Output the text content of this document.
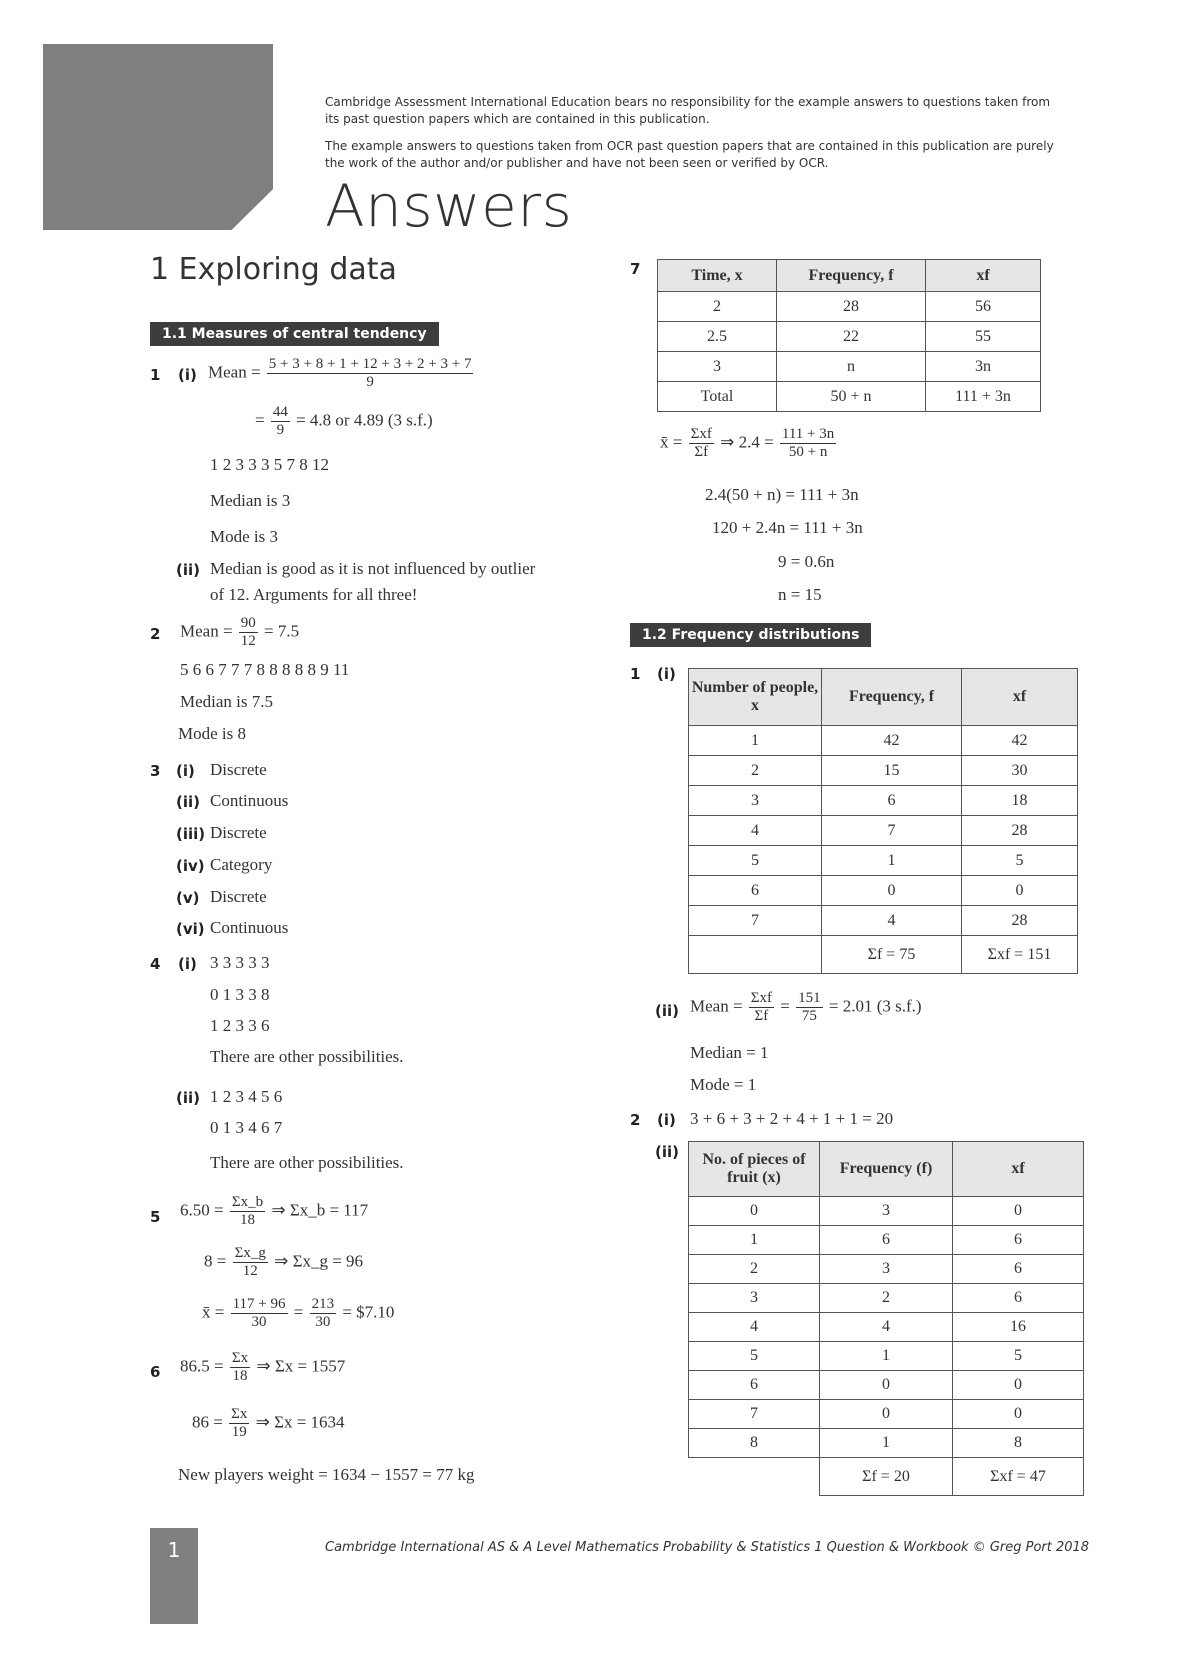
Cambridge Assessment International Education bears no responsibility for the example answers to questions taken from its past question papers which are contained in this publication.

The example answers to questions taken from OCR past question papers that are contained in this publication are purely the work of the author and/or publisher and have not been seen or verified by OCR.

Answers
1 Exploring data
1.1 Measures of central tendency
1 (i) Mean = $\frac{5 + 3 + 8 + 1 + 12 + 3 + 2 + 3 + 7}{9}$
= $\frac{44}{9} = 4.8$ or 4.89 (3 s.f.)
1 2 3 3 3 5 7 8 12
Median is 3
Mode is 3
(ii) Median is good as it is not influenced by outlier
of 12. Arguments for all three!
2 Mean = $\frac{90}{12} = 7.5$
5 6 6 7 7 7 8 8 8 8 8 9 11
Median is 7.5
Mode is 8
3 (i) Discrete
(ii) Continuous
(iii) Discrete
(iv) Category
(v) Discrete
(vi) Continuous
4 (i) 3 3 3 3 3
0 1 3 3 8
1 2 3 3 6
There are other possibilities.
(ii) 1 2 3 4 5 6
0 1 3 4 6 7
There are other possibilities.
5 $6.50 = \frac{\Sigma x\_b}{18}$ ⇒ Σx_b = 117
$8 = \frac{\Sigma x\_g}{12}$ ⇒ Σx_g = 96
x̄ = $\frac{117 + 96}{30} = \frac{213}{30}$ = $7.10
6 $86.5 = \frac{\Sigma x}{18}$ ⇒ Σx = 1557
$86 = \frac{\Sigma x}{19}$ ⇒ Σx = 1634
New players weight = 1634 − 1557 = 77 kg
7	Time, x	Frequency, f	xf
2	28	56
2.5	22	55
3	n	3n
Total	50 + n	111 + 3n
x̄ = $\frac{\text{Σxf}}{\Sigma f}$ ⇒ $2.4 = \frac{111 + 3n}{50 + n}$
2.4(50 + n) = 111 + 3n
120 + 2.4n = 111 + 3n
9 = 0.6n
n = 15
1.2 Frequency distributions
1 (i)
Number of people, x	Frequency, f	xf
1	42	42
2	15	30
3	6	18
4	7	28
5	1	5
6	0	0
7	4	28
	Σf = 75	Σxf = 151
(ii) Mean = $\frac{\text{Σxf}}{\Sigma f} = \frac{151}{75} = 2.01$ (3 s.f.)
Median = 1
Mode = 1
2 (i) 3 + 6 + 3 + 2 + 4 + 1 + 1 = 20
(ii) No. of pieces of fruit (x)	Frequency (f)	xf
0	3	0
1	6	6
2	3	6
3	2	6
4	4	16
5	1	5
6	0	0
7	0	0
8	1	8
	Σf = 20	Σxf = 47
1	Cambridge International AS & A Level Mathematics Probability & Statistics 1 Question & Workbook © Greg Port 2018
